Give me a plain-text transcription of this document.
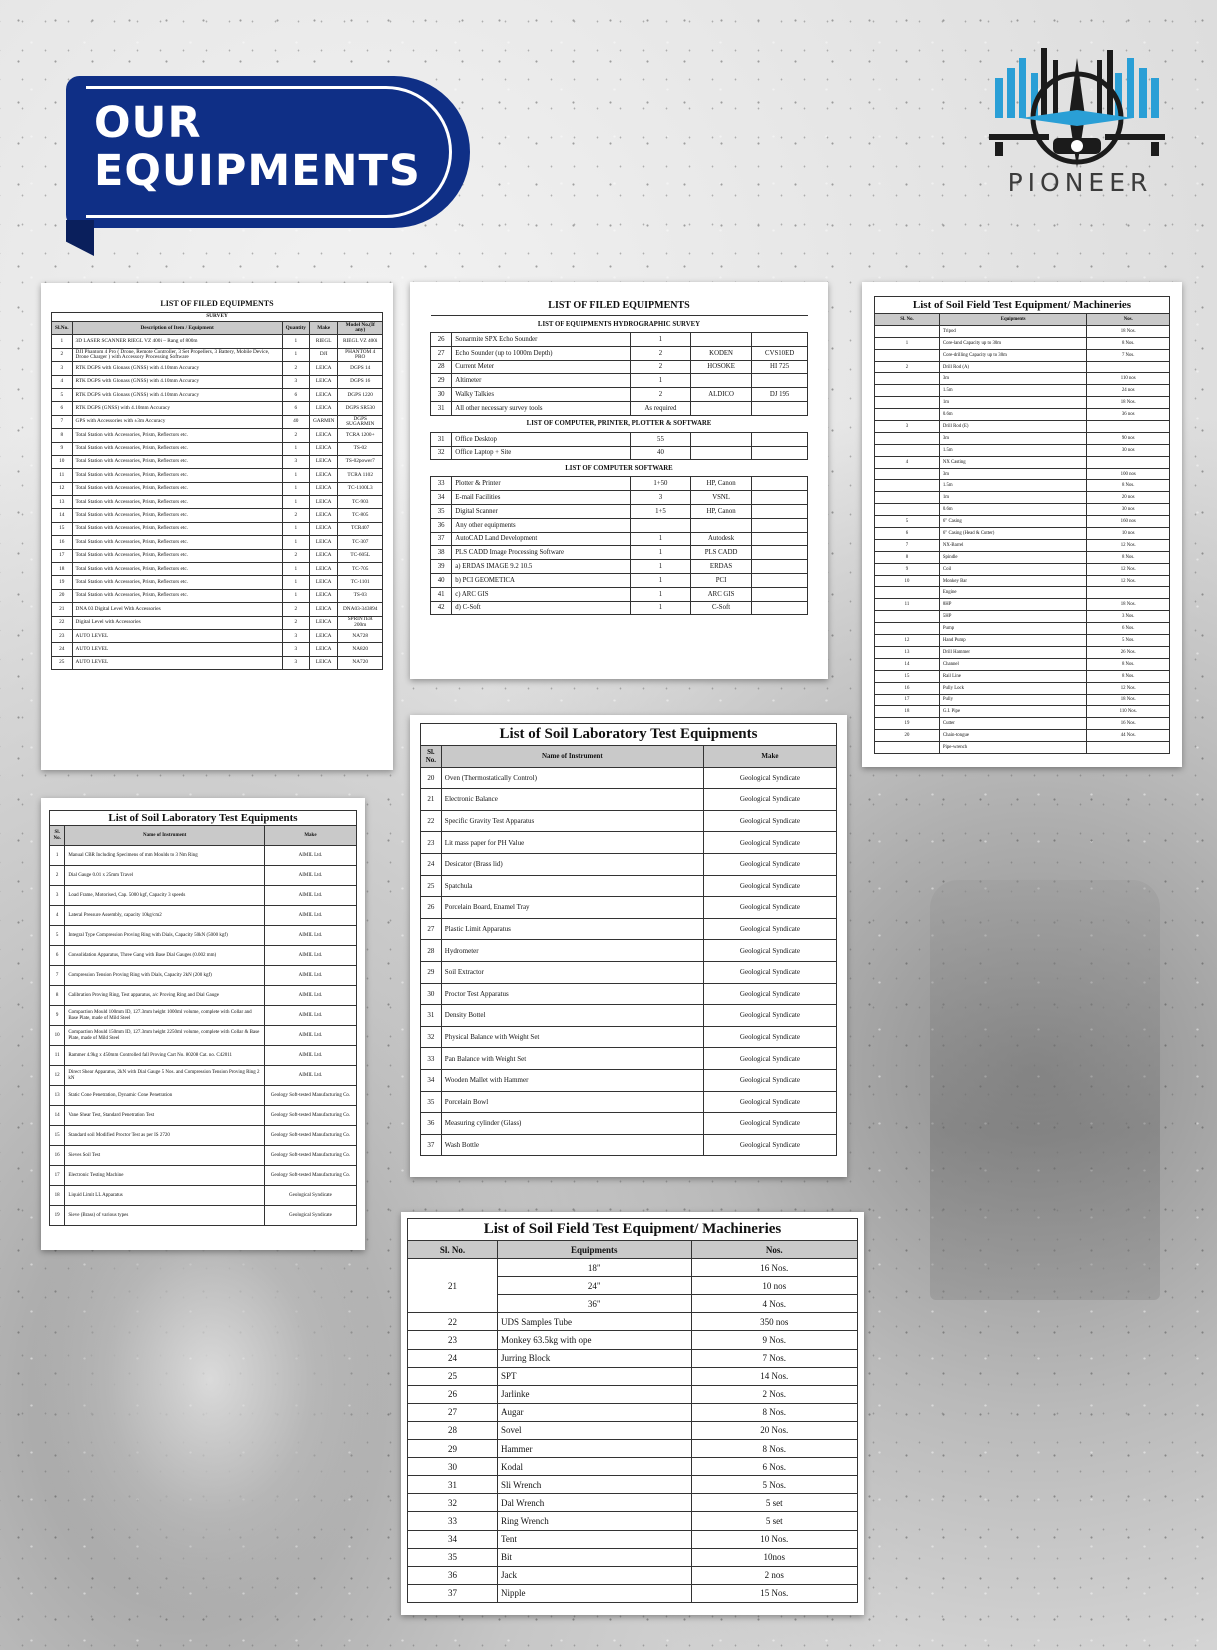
OUR
EQUIPMENTS	PIONEER
LIST OF FILED EQUIPMENTS
SURVEY				
Sl.No.	Description of Item / Equipment	Quantity	Make	Model No.(If any)
1	3D LASER SCANNER RIEGL VZ 400i – Rang of 800m	1	RIEGL	RIEGL VZ 400i
2	DJI Phantom 4 Pro ( Drone, Remote Controller, 3 Set Propellers, 3 Battery, Mobile Device, Drone Charger ) with Accessory Processing Software	1	DJI	PHANTOM 4 PRO
3	RTK DGPS with Glonass (GNSS) with 4.10mm Accuracy	2	LEICA	DGPS 14
4	RTK DGPS with Glonass (GNSS) with 4.10mm Accuracy	3	LEICA	DGPS 16
5	RTK DGPS with Glonass (GNSS) with 4.10mm Accuracy	6	LEICA	DGPS 1220
6	RTK DGPS (GNSS) with 4.10mm Accuracy	6	LEICA	DGPS SR530
7	GPS with Accessories with ±3m Accuracy	40	GARMIN	DGPS SUGARMIN
8	Total Station with Accessories, Prism, Reflectors etc.	2	LEICA	TCRA 1200+
9	Total Station with Accessories, Prism, Reflectors etc.	1	LEICA	TS-02
10	Total Station with Accessories, Prism, Reflectors etc.	3	LEICA	TS-02power7
11	Total Station with Accessories, Prism, Reflectors etc.	1	LEICA	TCRA 1102
12	Total Station with Accessories, Prism, Reflectors etc.	1	LEICA	TC-1100L3
13	Total Station with Accessories, Prism, Reflectors etc.	1	LEICA	TC-903
14	Total Station with Accessories, Prism, Reflectors etc.	2	LEICA	TC-805
15	Total Station with Accessories, Prism, Reflectors etc.	1	LEICA	TCR407
16	Total Station with Accessories, Prism, Reflectors etc.	1	LEICA	TC-307
17	Total Station with Accessories, Prism, Reflectors etc.	2	LEICA	TC-605L
18	Total Station with Accessories, Prism, Reflectors etc.	1	LEICA	TC-705
19	Total Station with Accessories, Prism, Reflectors etc.	1	LEICA	TC-1101
20	Total Station with Accessories, Prism, Reflectors etc.	1	LEICA	TS-03
21	DNA 03 Digital Level With Accessories	2	LEICA	DNA03-343894
22	Digital Level with Accessories	2	LEICA	SPRINTER 200m
23	AUTO LEVEL	3	LEICA	NA728
24	AUTO LEVEL	3	LEICA	NA820
25	AUTO LEVEL	3	LEICA	NA720
LIST OF FILED EQUIPMENTS
LIST OF EQUIPMENTS HYDROGRAPHIC SURVEY				
26	Sonarmite SPX Echo Sounder	1		
27	Echo Sounder (up to 1000m Depth)	2	KODEN	CVS10ED
28	Current Meter	2	HOSOKE	HI 725
29	Altimeter	1		
30	Walky Talkies	2	ALDICO	DJ 195
31	All other necessary survey tools	As required		
LIST OF COMPUTER, PRINTER, PLOTTER & SOFTWARE				
31	Office Desktop	55		
32	Office Laptop + Site	40		
LIST OF COMPUTER SOFTWARE				
33	Plotter & Printer	1+50	HP, Canon	
34	E-mail Facilities	3	VSNL	
35	Digital Scanner	1+5	HP, Canon	
36	Any other equipments			
37	AutoCAD Land Development	1	Autodesk	
38	PLS CADD Image Processing Software	1	PLS CADD	
39	a) ERDAS IMAGE 9.2 10.5	1	ERDAS	
40	b) PCI GEOMETICA	1	PCI	
41	c) ARC GIS	1	ARC GIS	
42	d) C-Soft	1	C-Soft	
List of Soil Field Test Equipment/ Machineries
Sl. No.	Equipments	Nos.
	Tripod	18 Nos.
1	Core-land Capacity up to 30m	8 Nos.
	Core-drilling Capacity up to 30m	7 Nos.
2	Drill Rod (A)	
	3m	110 nos
	1.5m	24 nos
	1m	18 Nos.
	0.6m	36 nos
3	Drill Rod (E)	
	3m	90 nos
	1.5m	30 nos
4	NX Casting	
	3m	100 nos
	1.5m	8 Nos.
	1m	20 nos
	0.6m	30 nos
5	6" Casing	160 nos
6	6" Casing (Head & Cutter)	10 nos
7	NX-Barrel	12 Nos.
8	Spindle	8 Nos.
9	Coil	12 Nos.
10	Monkey Bar	12 Nos.
	Engine	
11	8HP	18 Nos.
	5HP	3 Nos.
	Pump	6 Nos.
12	Hand Pump	5 Nos.
13	Drill Hammer	26 Nos.
14	Channel	8 Nos.
15	Rail Line	8 Nos.
16	Pully Lock	12 Nos.
17	Pully	18 Nos.
18	G.I. Pipe	110 Nos.
19	Cutter	16 Nos.
20	Chain-tongue	44 Nos.
	Pipe-wrench	
List of Soil Laboratory Test Equipments
Sl. No.	Name of Instrument	Make
1	Manual CBR Including Specimens of mm Moulds to 3 Nm Ring	AIMIL Ltd.
2	Dial Gauge 0.01 x 25mm Travel	AIMIL Ltd.
3	Load Frame, Motorised, Cap. 5000 kgf, Capacity 3 speeds	AIMIL Ltd.
4	Lateral Pressure Assembly, capacity 10kg/cm2	AIMIL Ltd.
5	Integral Type Compression Proving Ring with Dials, Capacity 50kN (5000 kgf)	AIMIL Ltd.
6	Consolidation Apparatus, Three Gang with Base Dial Gauges (0.002 mm)	AIMIL Ltd.
7	Compression Tension Proving Ring with Dials, Capacity 2kN (200 kgf)	AIMIL Ltd.
8	Calibration Proving Ring, Test apparatus, a/c Proving Ring and Dial Gauge	AIMIL Ltd.
9	Compaction Mould 100mm ID, 127.3mm height 1000ml volume, complete with Collar and Base Plate, made of Mild Steel	AIMIL Ltd.
10	Compaction Mould 150mm ID, 127.3mm height 2250ml volume, complete with Collar & Base Plate, made of Mild Steel	AIMIL Ltd.
11	Rammer 4.9kg x 450mm Controlled fall Proving Cart No. 80208 Cat. no. C42011	AIMIL Ltd.
12	Direct Shear Apparatus, 2kN with Dial Gauge 5 Nos. and Compression Tension Proving Ring 2 kN	AIMIL Ltd.
13	Static Cone Penetration, Dynamic Cone Penetration	Geology Soft-tested Manufacturing Co.
14	Vane Shear Test, Standard Penetration Test	Geology Soft-tested Manufacturing Co.
15	Standard soil Modified Proctor Test as per IS 2720	Geology Soft-tested Manufacturing Co.
16	Sieves Soil Test	Geology Soft-tested Manufacturing Co.
17	Electronic Testing Machine	Geology Soft-tested Manufacturing Co.
18	Liquid Limit LL Apparatus	Geological Syndicate
19	Sieve (Brass) of various types	Geological Syndicate
List of Soil Laboratory Test Equipments
Sl. No.	Name of Instrument	Make
20	Oven (Thermostatically Control)	Geological Syndicate
21	Electronic Balance	Geological Syndicate
22	Specific Gravity Test Apparatus	Geological Syndicate
23	Lit mass paper for PH Value	Geological Syndicate
24	Desicator (Brass lid)	Geological Syndicate
25	Spatchula	Geological Syndicate
26	Porcelain Board, Enamel Tray	Geological Syndicate
27	Plastic Limit Apparatus	Geological Syndicate
28	Hydrometer	Geological Syndicate
29	Soil Extractor	Geological Syndicate
30	Proctor Test Apparatus	Geological Syndicate
31	Density Bottel	Geological Syndicate
32	Physical Balance with Weight Set	Geological Syndicate
33	Pan Balance with Weight Set	Geological Syndicate
34	Wooden Mallet with Hammer	Geological Syndicate
35	Porcelain Bowl	Geological Syndicate
36	Measuring cylinder (Glass)	Geological Syndicate
37	Wash Bottle	Geological Syndicate
List of Soil Field Test Equipment/ Machineries
Sl. No.	Equipments	Nos.
21	18"	16 Nos.
	24"	10 nos
	36"	4 Nos.
22	UDS Samples Tube	350 nos
23	Monkey 63.5kg with ope	9 Nos.
24	Jurring Block	7 Nos.
25	SPT	14 Nos.
26	Jarlinke	2 Nos.
27	Augar	8 Nos.
28	Sovel	20 Nos.
29	Hammer	8 Nos.
30	Kodal	6 Nos.
31	Sli Wrench	5 Nos.
32	Dal Wrench	5 set
33	Ring Wrench	5 set
34	Tent	10 Nos.
35	Bit	10nos
36	Jack	2 nos
37	Nipple	15 Nos.
